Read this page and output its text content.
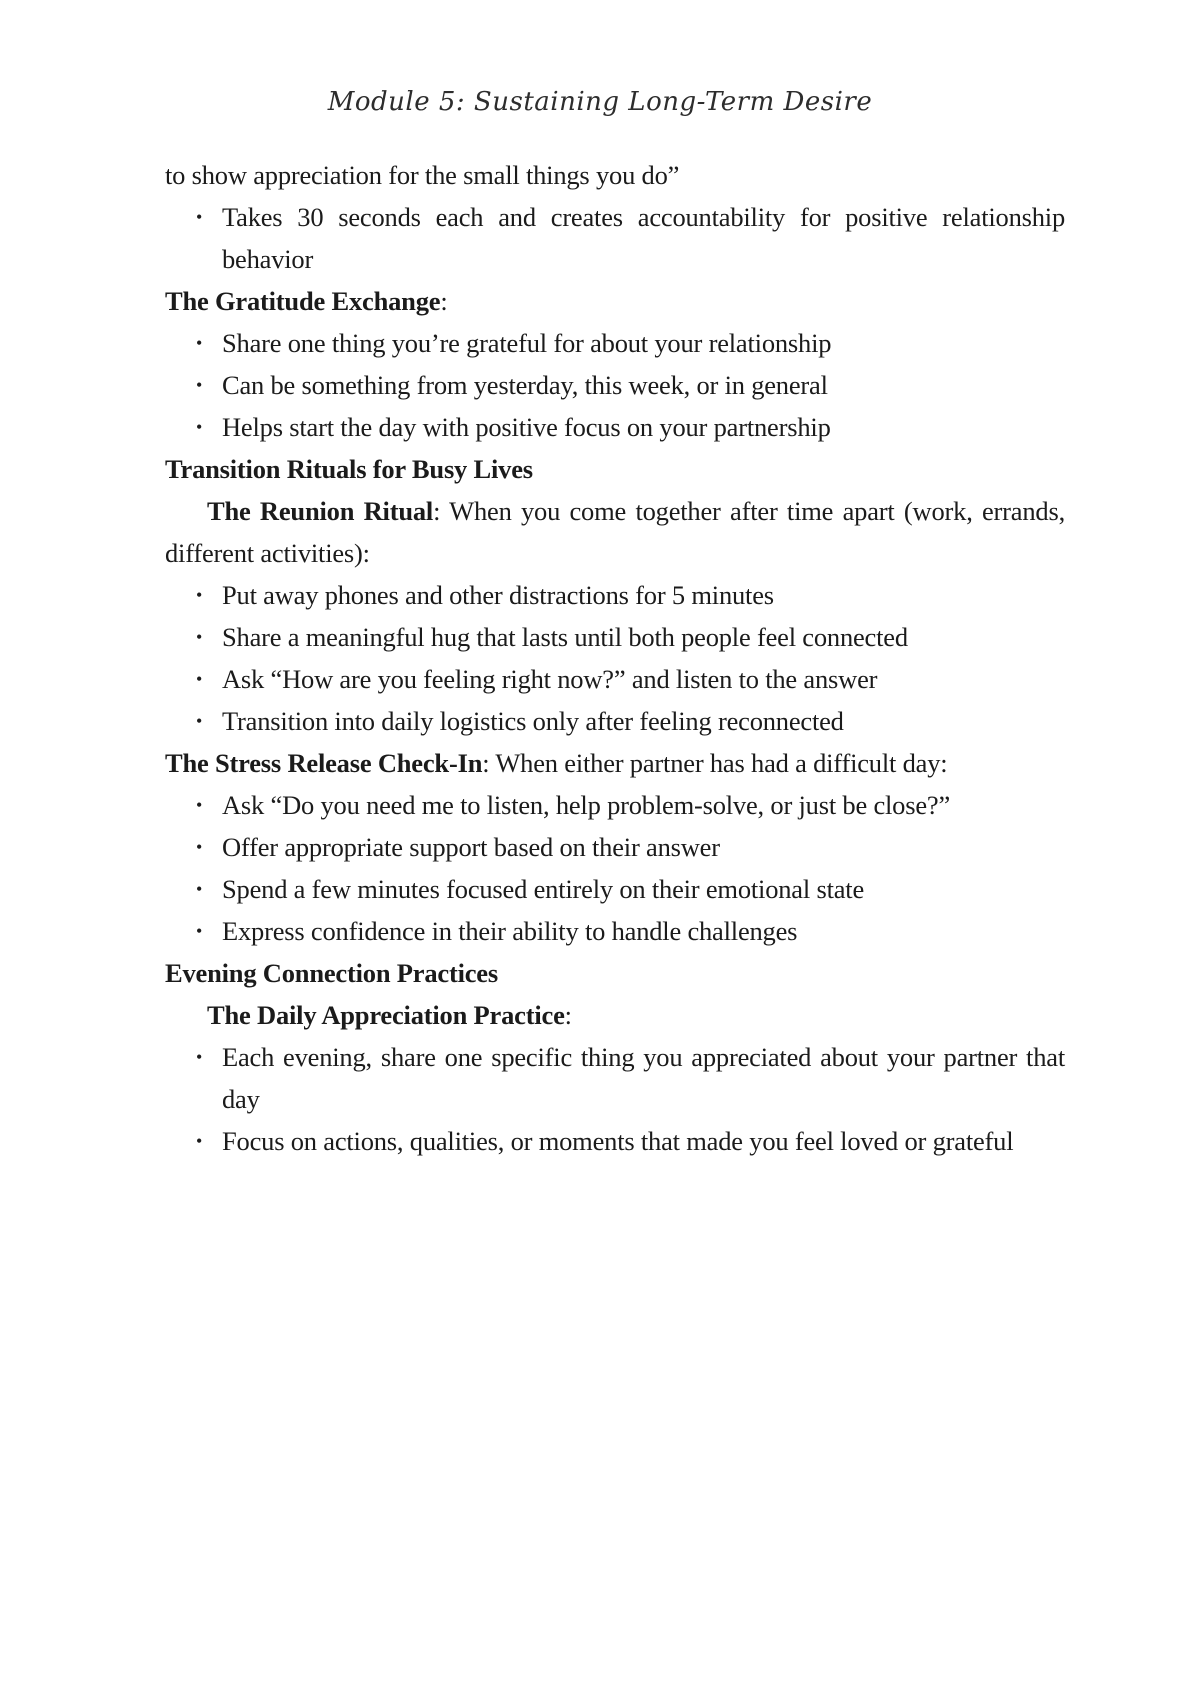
Module 5: Sustaining Long-Term Desire

to show appreciation for the small things you do”

• Takes 30 seconds each and creates accountability for positive relationship behavior
The Gratitude Exchange:
• Share one thing you’re grateful for about your relationship
• Can be something from yesterday, this week, or in general
• Helps start the day with positive focus on your partnership
Transition Rituals for Busy Lives

The Reunion Ritual: When you come together after time apart (work, errands, different activities):

• Put away phones and other distractions for 5 minutes
• Share a meaningful hug that lasts until both people feel connected
• Ask “How are you feeling right now?” and listen to the answer
• Transition into daily logistics only after feeling reconnected

The Stress Release Check-In: When either partner has had a difficult day:

• Ask “Do you need me to listen, help problem-solve, or just be close?”
• Offer appropriate support based on their answer
• Spend a few minutes focused entirely on their emotional state
• Express confidence in their ability to handle challenges
Evening Connection Practices

The Daily Appreciation Practice:

• Each evening, share one specific thing you appreciated about your partner that day
• Focus on actions, qualities, or moments that made you feel loved or grateful
